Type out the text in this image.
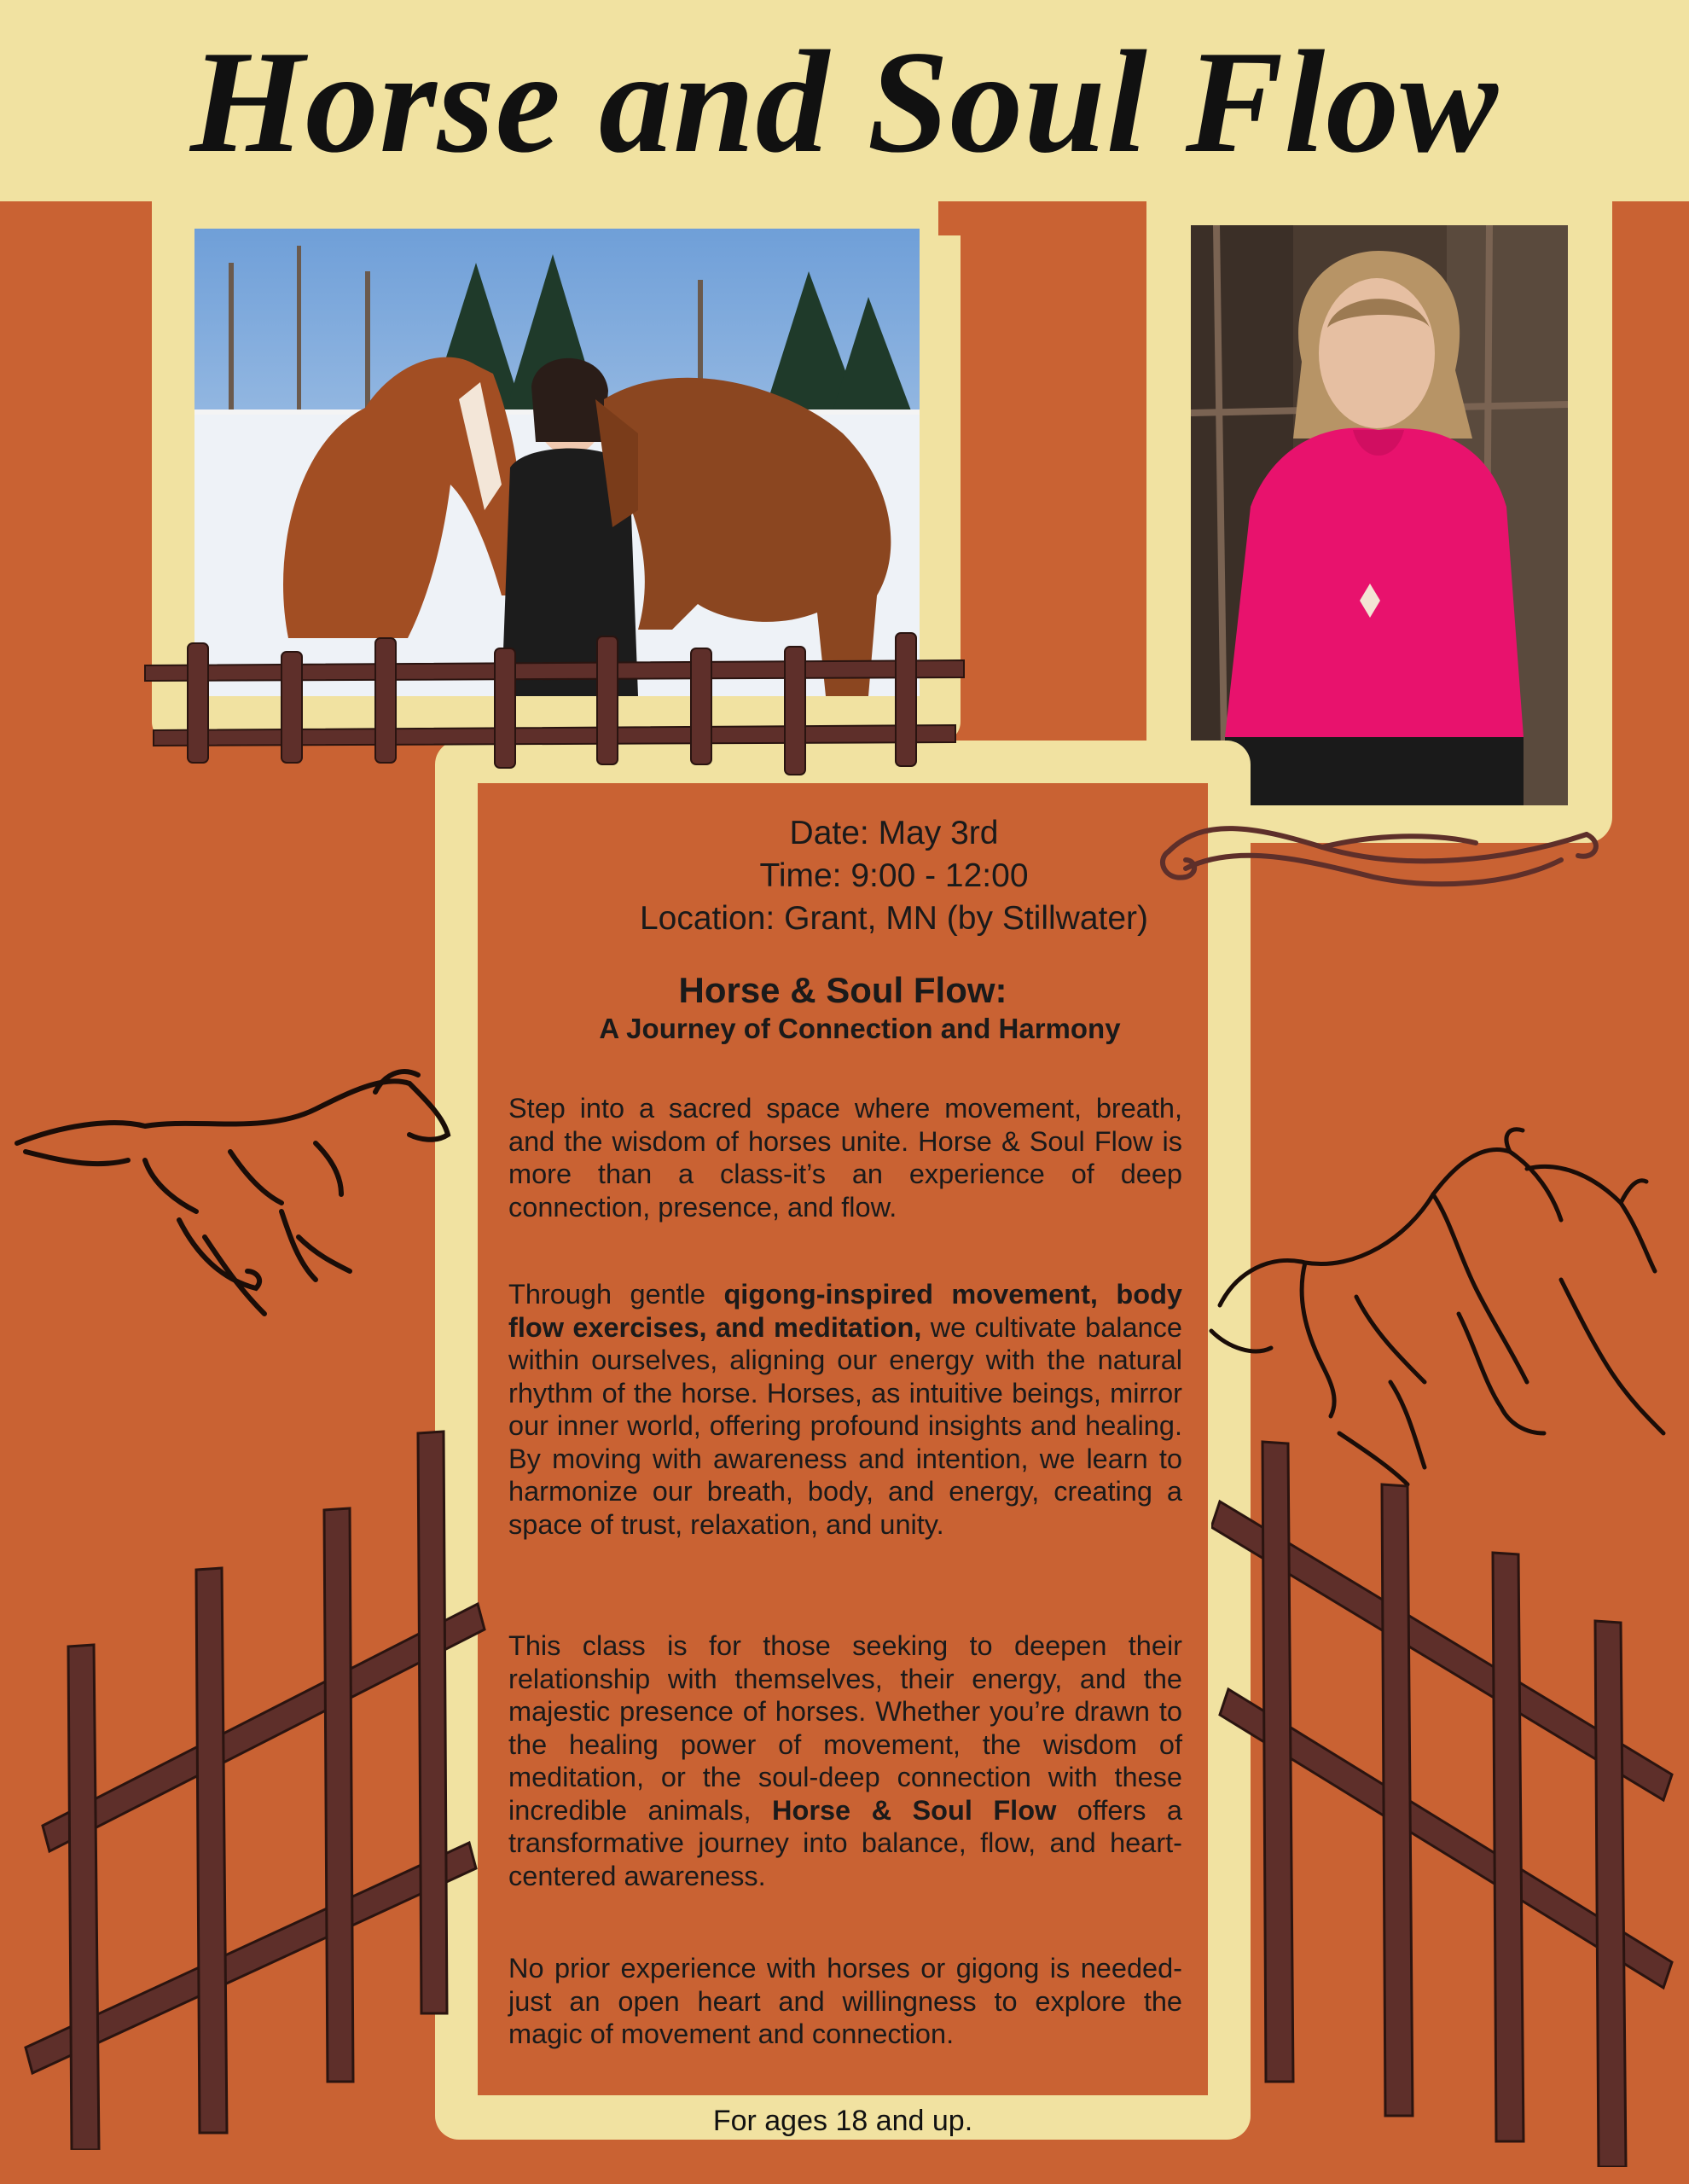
Horse and Soul Flow
Date: May 3rd
Time: 9:00 - 12:00
Location: Grant, MN (by Stillwater)
Horse & Soul Flow:
A Journey of Connection and Harmony
Step into a sacred space where movement, breath, and the wisdom of horses unite. Horse & Soul Flow is more than a class-it’s an experience of deep connection, presence, and flow.
Through gentle qigong-inspired movement, body flow exercises, and meditation, we cultivate balance within ourselves, aligning our energy with the natural rhythm of the horse. Horses, as intuitive beings, mirror our inner world, offering profound insights and healing. By moving with awareness and intention, we learn to harmonize our breath, body, and energy, creating a space of trust, relaxation, and unity.
This class is for those seeking to deepen their relationship with themselves, their energy, and the majestic presence of horses. Whether you’re drawn to the healing power of movement, the wisdom of meditation, or the soul-deep connection with these incredible animals, Horse & Soul Flow offers a transformative journey into balance, flow, and heart-centered awareness.
No prior experience with horses or gigong is needed-just an open heart and willingness to explore the magic of movement and connection.
For ages 18 and up.
